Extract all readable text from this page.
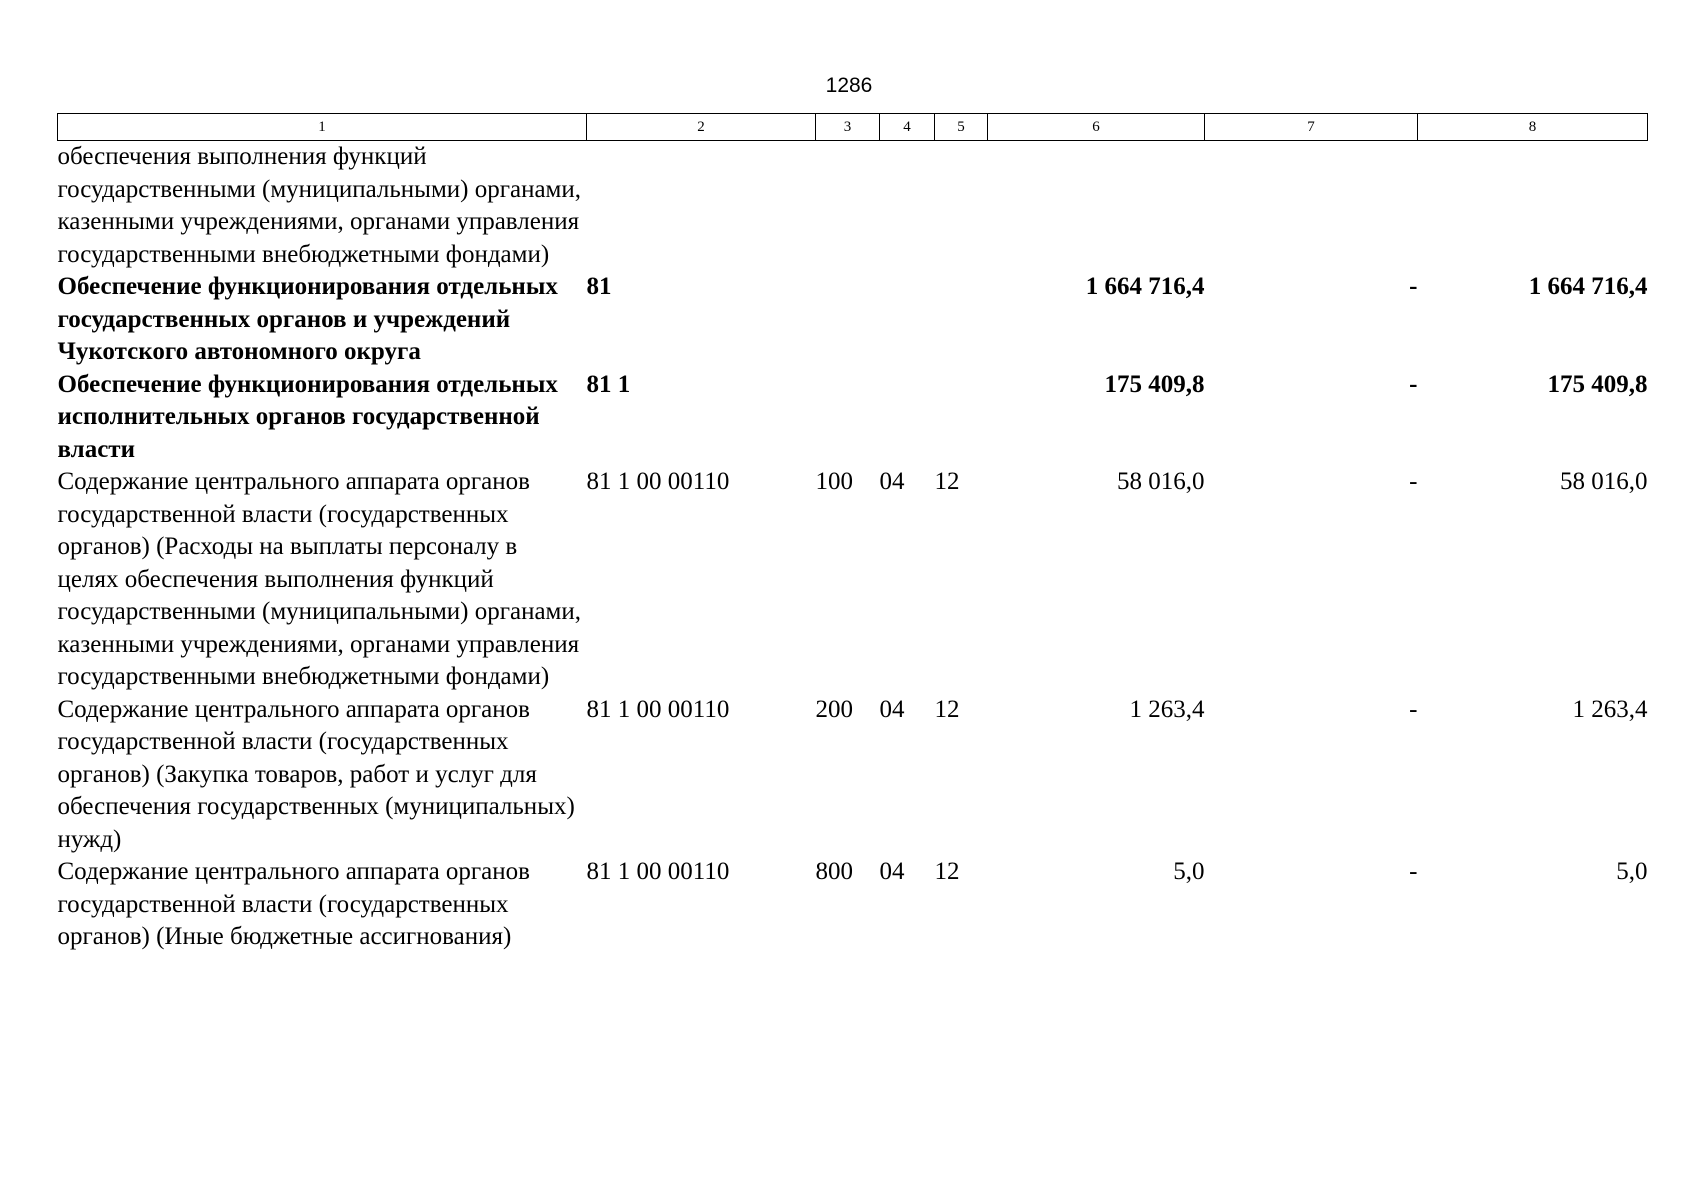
1286
1	2	3	4	5	6	7	8
обеспечения выполнения функций государственными (муниципальными) органами, казенными учреждениями, органами управления государственными внебюджетными фондами)							
Обеспечение функционирования отдельных государственных органов и учреждений Чукотского автономного округа	81				1 664 716,4	-	1 664 716,4
Обеспечение функционирования отдельных исполнительных органов государственной власти	81 1				175 409,8	-	175 409,8
Содержание центрального аппарата органов государственной власти (государственных органов) (Расходы на выплаты персоналу в целях обеспечения выполнения функций государственными (муниципальными) органами, казенными учреждениями, органами управления государственными внебюджетными фондами)	81 1 00 00110	100	04	12	58 016,0	-	58 016,0
Содержание центрального аппарата органов государственной власти (государственных органов) (Закупка товаров, работ и услуг для обеспечения государственных (муниципальных) нужд)	81 1 00 00110	200	04	12	1 263,4	-	1 263,4
Содержание центрального аппарата органов государственной власти (государственных органов) (Иные бюджетные ассигнования)	81 1 00 00110	800	04	12	5,0	-	5,0
